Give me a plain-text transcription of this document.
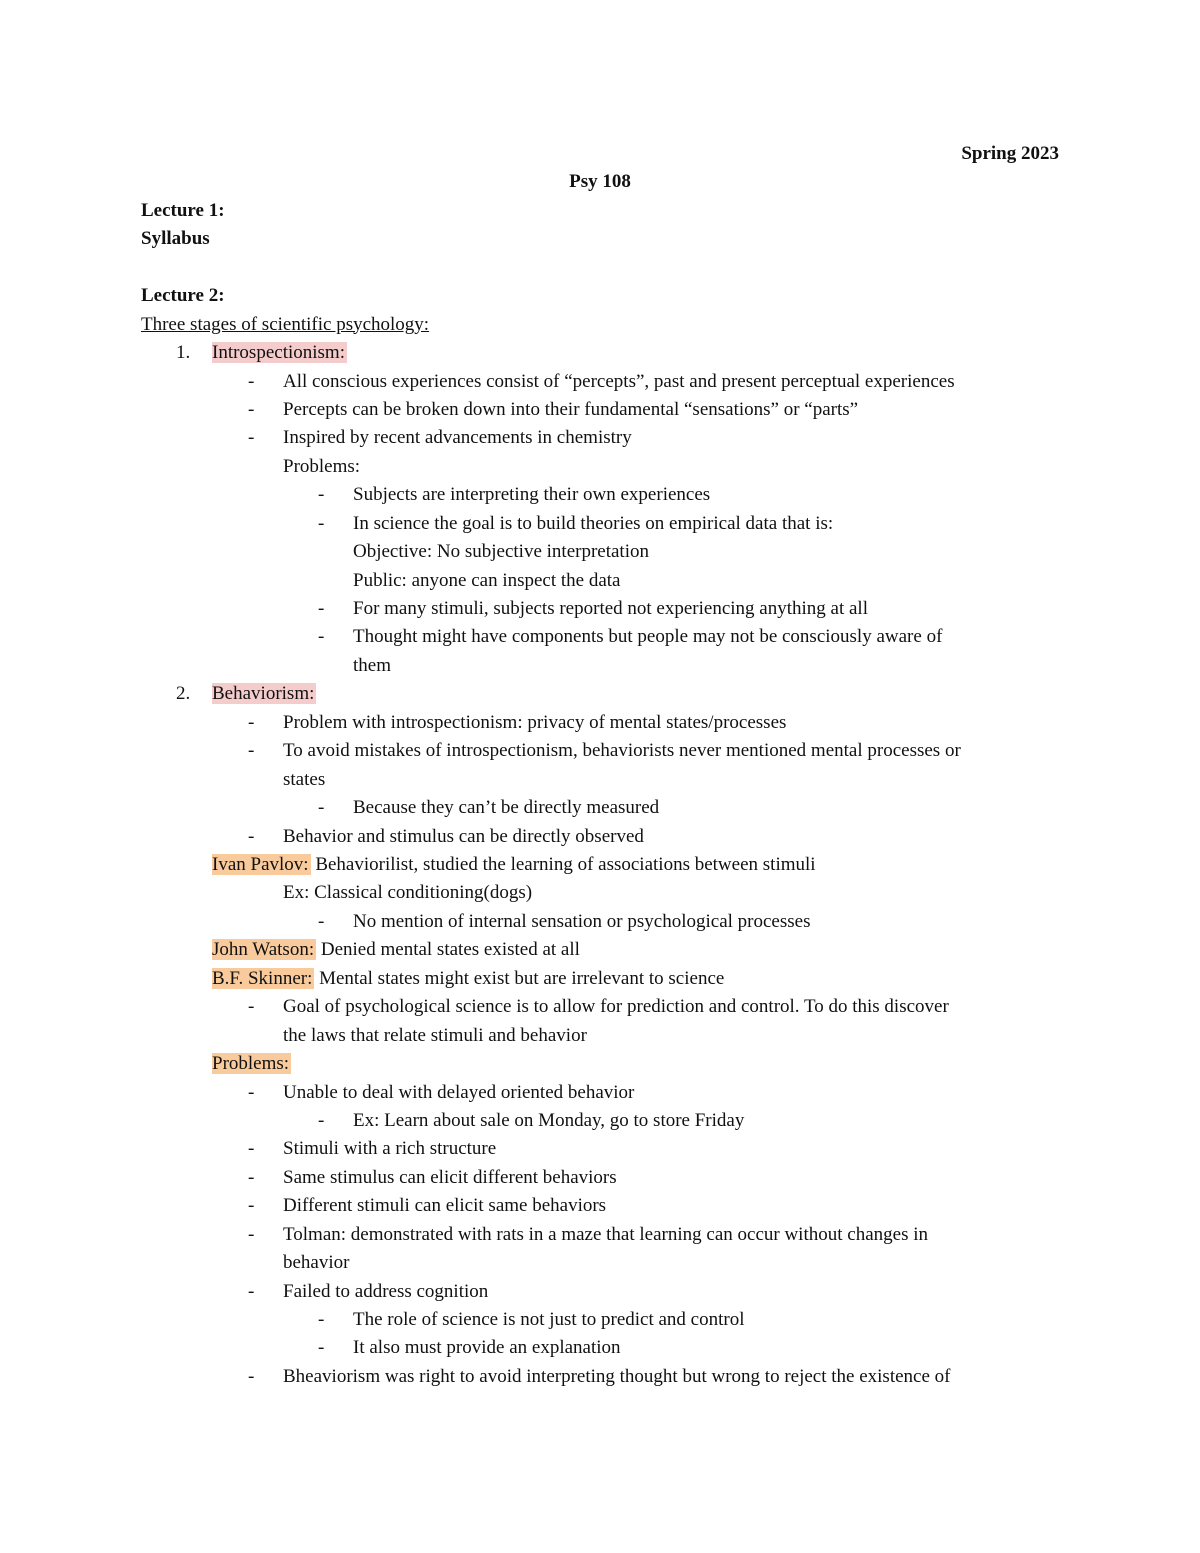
Spring 2023
Psy 108
Lecture 1:
Syllabus
Lecture 2:
Three stages of scientific psychology:
1. Introspectionism:
- All conscious experiences consist of “percepts”, past and present perceptual experiences
- Percepts can be broken down into their fundamental “sensations” or “parts”
- Inspired by recent advancements in chemistry
Problems:
- Subjects are interpreting their own experiences
- In science the goal is to build theories on empirical data that is:
Objective: No subjective interpretation
Public: anyone can inspect the data
- For many stimuli, subjects reported not experiencing anything at all
- Thought might have components but people may not be consciously aware of
them
2. Behaviorism:
- Problem with introspectionism: privacy of mental states/processes
- To avoid mistakes of introspectionism, behaviorists never mentioned mental processes or
states
- Because they can’t be directly measured
- Behavior and stimulus can be directly observed
Ivan Pavlov: Behaviorilist, studied the learning of associations between stimuli
Ex: Classical conditioning(dogs)
- No mention of internal sensation or psychological processes
John Watson: Denied mental states existed at all
B.F. Skinner: Mental states might exist but are irrelevant to science
- Goal of psychological science is to allow for prediction and control. To do this discover
the laws that relate stimuli and behavior
Problems:
- Unable to deal with delayed oriented behavior
- Ex: Learn about sale on Monday, go to store Friday
- Stimuli with a rich structure
- Same stimulus can elicit different behaviors
- Different stimuli can elicit same behaviors
- Tolman: demonstrated with rats in a maze that learning can occur without changes in
behavior
- Failed to address cognition
- The role of science is not just to predict and control
- It also must provide an explanation
- Bheaviorism was right to avoid interpreting thought but wrong to reject the existence of
